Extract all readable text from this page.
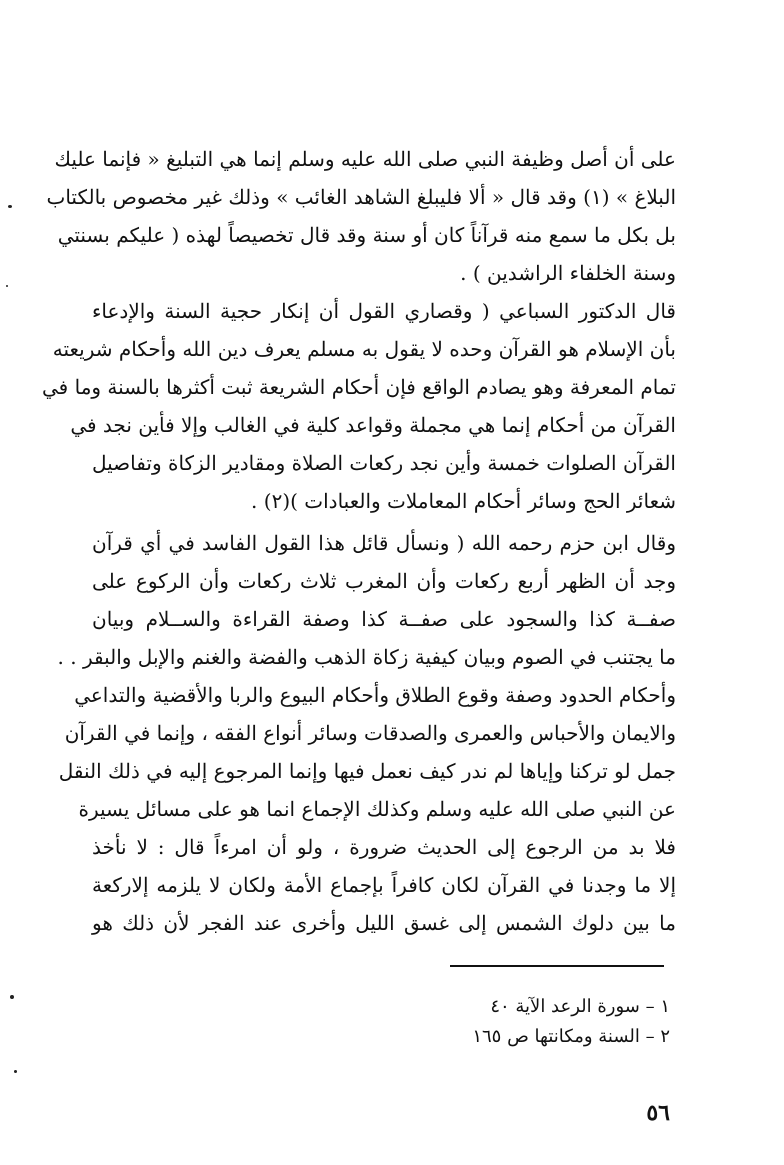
على أن أصل وظيفة النبي صلى الله عليه وسلم إنما هي التبليغ « فإنما عليك
البلاغ » (١) وقد قال « ألا فليبلغ الشاهد الغائب » وذلك غير مخصوص بالكتاب
بل بكل ما سمع منه قرآناً كان أو سنة وقد قال تخصيصاً لهذه ( عليكم بسنتي
وسنة الخلفاء الراشدين ) .
قال الدكتور السباعي ( وقصاري القول أن إنكار حجية السنة والإدعاء
بأن الإسلام هو القرآن وحده لا يقول به مسلم يعرف دين الله وأحكام شريعته
تمام المعرفة وهو يصادم الواقع فإن أحكام الشريعة ثبت أكثرها بالسنة وما في
القرآن من أحكام إنما هي مجملة وقواعد كلية في الغالب وإلا فأين نجد في
القرآن الصلوات خمسة وأين نجد ركعات الصلاة ومقادير الزكاة وتفاصيل
شعائر الحج وسائر أحكام المعاملات والعبادات )(٢) .
وقال ابن حزم رحمه الله ( ونسأل قائل هذا القول الفاسد في أي قرآن
وجد أن الظهر أربع ركعات وأن المغرب ثلاث ركعات وأن الركوع على
صفــة كذا والسجود على صفــة كذا وصفة القراءة والســلام وبيان
ما يجتنب في الصوم وبيان كيفية زكاة الذهب والفضة والغنم والإبل والبقر . .
وأحكام الحدود وصفة وقوع الطلاق وأحكام البيوع والربا والأقضية والتداعي
والايمان والأحباس والعمرى والصدقات وسائر أنواع الفقه ، وإنما في القرآن
جمل لو تركنا وإياها لم ندر كيف نعمل فيها وإنما المرجوع إليه في ذلك النقل
عن النبي صلى الله عليه وسلم وكذلك الإجماع انما هو على مسائل يسيرة
فلا بد من الرجوع إلى الحديث ضرورة ، ولو أن امرءاً قال : لا نأخذ
إلا ما وجدنا في القرآن لكان كافراً بإجماع الأمة ولكان لا يلزمه إلاركعة
ما بين دلوك الشمس إلى غسق الليل وأخرى عند الفجر لأن ذلك هو
١ – سورة الرعد الآية ٤٠
٢ – السنة ومكانتها ص ١٦٥
٥٦
